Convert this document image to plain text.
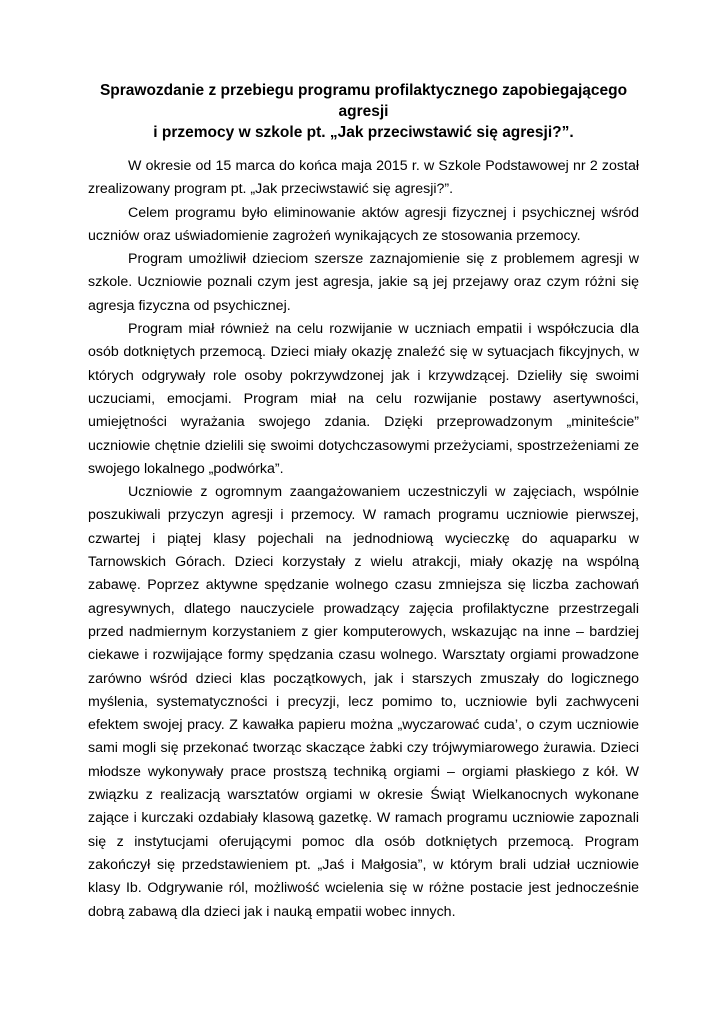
Sprawozdanie z przebiegu programu profilaktycznego zapobiegającego agresji
i przemocy w szkole pt. „Jak przeciwstawić się agresji?”.

W okresie od 15 marca do końca maja 2015 r. w Szkole Podstawowej nr 2 został zrealizowany program pt. „Jak przeciwstawić się agresji?”.

Celem programu było eliminowanie aktów agresji fizycznej i psychicznej wśród uczniów oraz uświadomienie zagrożeń wynikających ze stosowania przemocy.

Program umożliwił dzieciom szersze zaznajomienie się z problemem agresji w szkole. Uczniowie poznali czym jest agresja, jakie są jej przejawy oraz czym różni się agresja fizyczna od psychicznej.

Program miał również na celu rozwijanie w uczniach empatii i współczucia dla osób dotkniętych przemocą. Dzieci miały okazję znaleźć się w sytuacjach fikcyjnych, w których odgrywały role osoby pokrzywdzonej jak i krzywdzącej. Dzieliły się swoimi uczuciami, emocjami. Program miał na celu rozwijanie postawy asertywności, umiejętności wyrażania swojego zdania. Dzięki przeprowadzonym „minitеście” uczniowie chętnie dzielili się swoimi dotychczasowymi przeżyciami, spostrzeżeniami ze swojego lokalnego „podwórka”.

Uczniowie z ogromnym zaangażowaniem uczestniczyli w zajęciach, wspólnie poszukiwali przyczyn agresji i przemocy. W ramach programu uczniowie pierwszej, czwartej i piątej klasy pojechali na jednodniową wycieczkę do aquaparku w Tarnowskich Górach. Dzieci korzystały z wielu atrakcji, miały okazję na wspólną zabawę. Poprzez aktywne spędzanie wolnego czasu zmniejsza się liczba zachowań agresywnych, dlatego nauczyciele prowadzący zajęcia profilaktyczne przestrzegali przed nadmiernym korzystaniem z gier komputerowych, wskazując na inne – bardziej ciekawe i rozwijające formy spędzania czasu wolnego. Warsztaty orgiami prowadzone zarówno wśród dzieci klas początkowych, jak i starszych zmuszały do logicznego myślenia, systematyczności i precyzji, lecz pomimo to, uczniowie byli zachwyceni efektem swojej pracy. Z kawałka papieru można „wyczarować cuda’, o czym uczniowie sami mogli się przekonać tworząc skaczące żabki czy trójwymiarowego żurawia. Dzieci młodsze wykonywały prace prostszą techniką orgiami – orgiami płaskiego z kół. W związku z realizacją warsztatów orgiami w okresie Świąt Wielkanocnych wykonane zające i kurczaki ozdabiały klasową gazetkę. W ramach programu uczniowie zapoznali się z instytucjami oferującymi pomoc dla osób dotkniętych przemocą. Program zakończył się przedstawieniem pt. „Jaś i Małgosia”, w którym brali udział uczniowie klasy Ib. Odgrywanie ról, możliwość wcielenia się w różne postacie jest jednocześnie dobrą zabawą dla dzieci jak i nauką empatii wobec innych.
